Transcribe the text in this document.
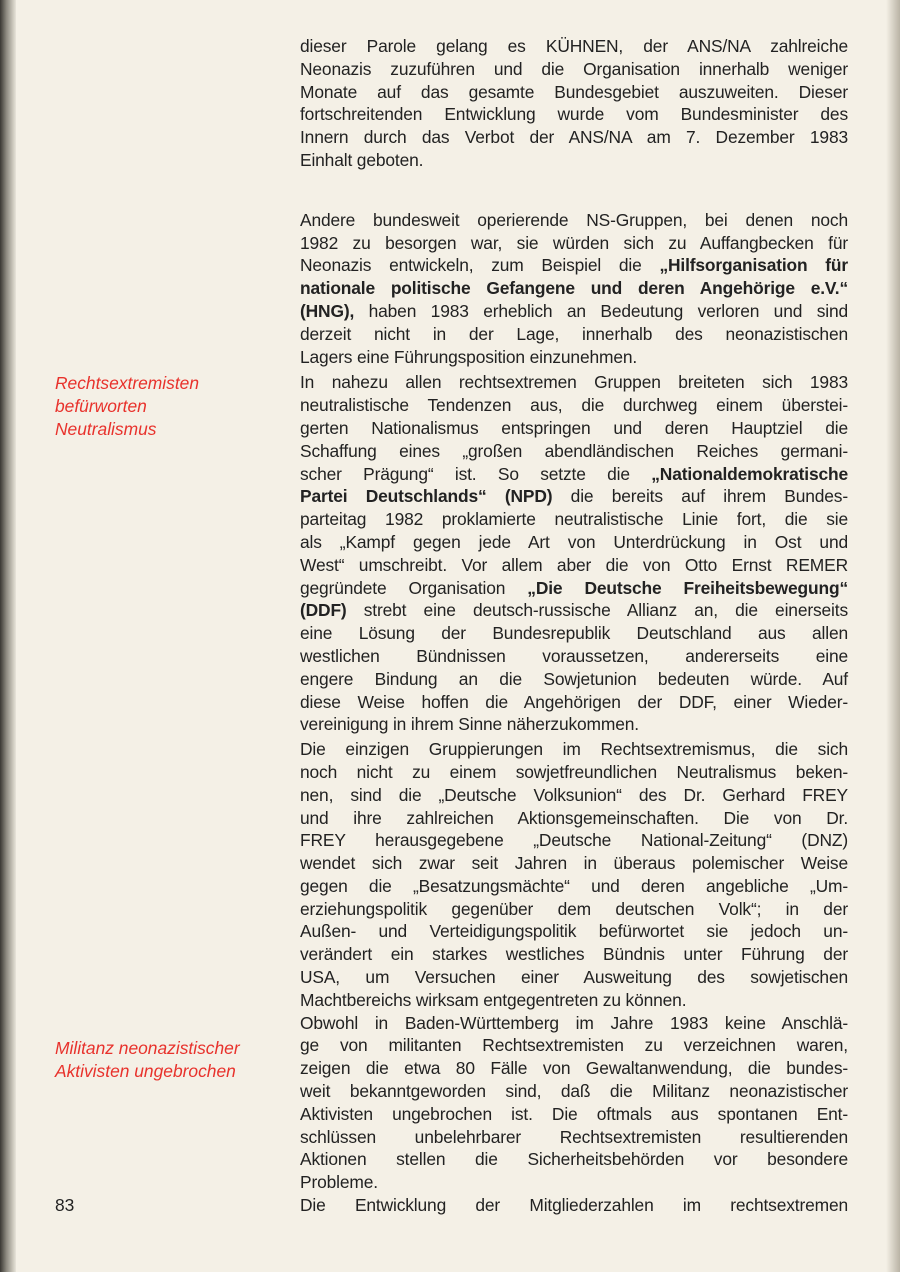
Rechtsextremisten
befürworten
Neutralismus
Militanz neonazistischer
Aktivisten ungebrochen
dieser Parole gelang es KÜHNEN, der ANS/NA zahlreiche
Neonazis zuzuführen und die Organisation innerhalb weniger
Monate auf das gesamte Bundesgebiet auszuweiten. Dieser
fortschreitenden Entwicklung wurde vom Bundesminister des
Innern durch das Verbot der ANS/NA am 7. Dezember 1983
Einhalt geboten.
Andere bundesweit operierende NS-Gruppen, bei denen noch
1982 zu besorgen war, sie würden sich zu Auffangbecken für
Neonazis entwickeln, zum Beispiel die „Hilfsorganisation für
nationale politische Gefangene und deren Angehörige e.V.“
(HNG), haben 1983 erheblich an Bedeutung verloren und sind
derzeit nicht in der Lage, innerhalb des neonazistischen
Lagers eine Führungsposition einzunehmen.
In nahezu allen rechtsextremen Gruppen breiteten sich 1983
neutralistische Tendenzen aus, die durchweg einem überstei-
gerten Nationalismus entspringen und deren Hauptziel die
Schaffung eines „großen abendländischen Reiches germani-
scher Prägung“ ist. So setzte die „Nationaldemokratische
Partei Deutschlands“ (NPD) die bereits auf ihrem Bundes-
parteitag 1982 proklamierte neutralistische Linie fort, die sie
als „Kampf gegen jede Art von Unterdrückung in Ost und
West“ umschreibt. Vor allem aber die von Otto Ernst REMER
gegründete Organisation „Die Deutsche Freiheitsbewegung“
(DDF) strebt eine deutsch-russische Allianz an, die einerseits
eine Lösung der Bundesrepublik Deutschland aus allen
westlichen Bündnissen voraussetzen, andererseits eine
engere Bindung an die Sowjetunion bedeuten würde. Auf
diese Weise hoffen die Angehörigen der DDF, einer Wieder-
vereinigung in ihrem Sinne näherzukommen.
Die einzigen Gruppierungen im Rechtsextremismus, die sich
noch nicht zu einem sowjetfreundlichen Neutralismus beken-
nen, sind die „Deutsche Volksunion“ des Dr. Gerhard FREY
und ihre zahlreichen Aktionsgemeinschaften. Die von Dr.
FREY herausgegebene „Deutsche National-Zeitung“ (DNZ)
wendet sich zwar seit Jahren in überaus polemischer Weise
gegen die „Besatzungsmächte“ und deren angebliche „Um-
erziehungspolitik gegenüber dem deutschen Volk“; in der
Außen- und Verteidigungspolitik befürwortet sie jedoch un-
verändert ein starkes westliches Bündnis unter Führung der
USA, um Versuchen einer Ausweitung des sowjetischen
Machtbereichs wirksam entgegentreten zu können.
Obwohl in Baden-Württemberg im Jahre 1983 keine Anschlä-
ge von militanten Rechtsextremisten zu verzeichnen waren,
zeigen die etwa 80 Fälle von Gewaltanwendung, die bundes-
weit bekanntgeworden sind, daß die Militanz neonazistischer
Aktivisten ungebrochen ist. Die oftmals aus spontanen Ent-
schlüssen unbelehrbarer Rechtsextremisten resultierenden
Aktionen stellen die Sicherheitsbehörden vor besondere
Probleme.
Die Entwicklung der Mitgliederzahlen im rechtsextremen
83
